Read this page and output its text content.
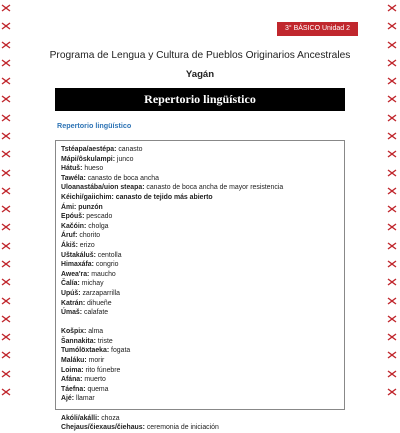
3° BÁSICO Unidad 2
Programa de Lengua y Cultura de Pueblos Originarios Ancestrales
Yagán
Repertorio lingüístico
Repertorio lingüístico
Tstéapa/aestépa: canasto
Mápi/ôskulampi: junco
Hátuš: hueso
Tawéla: canasto de boca ancha
Uloanastába/uion steapa: canasto de boca ancha de mayor resistencia
Kéichi/gaiichim: canasto de tejido más abierto
Ámi: punzón
Epóuš: pescado
Kačóin: cholga
Áruf: chorito
Ákiš: erizo
Uštakáluš: centolla
Himaxáfa: congrio
Awea'ra: maucho
Čalía: michay
Upúš: zarzaparrilla
Katrán: dihueñe
Úmaš: calafate
Košpix: alma
Šannakita: triste
Tumólöxtaeka: fogata
Maláku: morir
Loima: rito fúnebre
Afána: muerto
Táefna: quema
Ajé: llamar
Akóli/akálli: choza
Chejaus/čiexaus/čiehaus: ceremonia de iniciación
